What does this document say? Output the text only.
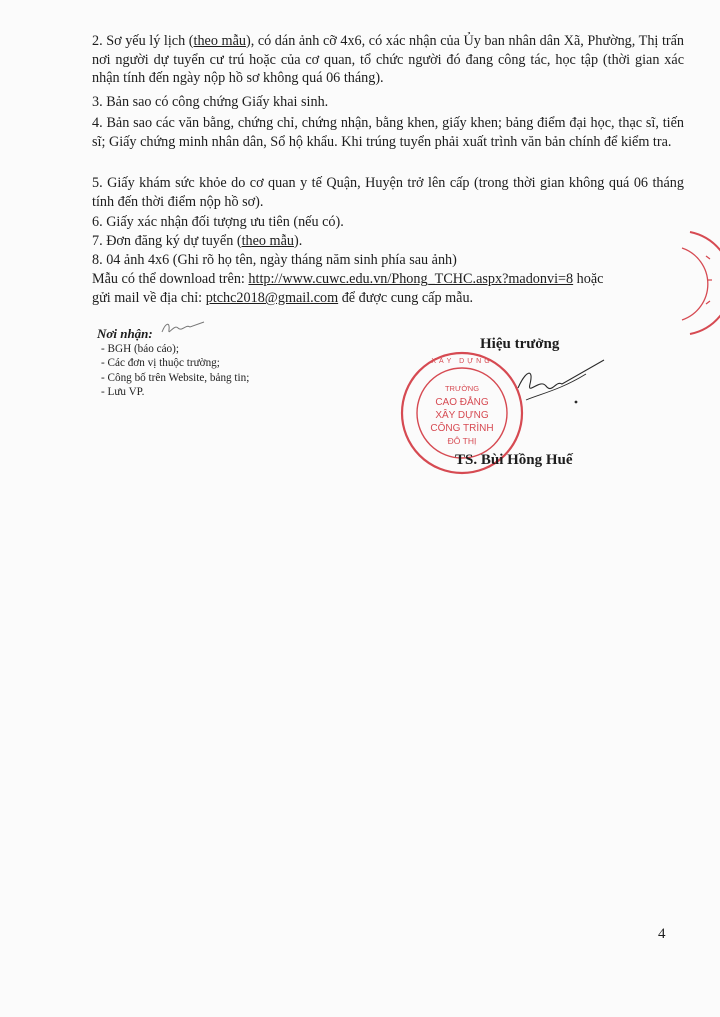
2. Sơ yếu lý lịch (theo mẫu), có dán ảnh cỡ 4x6, có xác nhận của Ủy ban nhân dân Xã, Phường, Thị trấn nơi người dự tuyển cư trú hoặc của cơ quan, tổ chức người đó đang công tác, học tập (thời gian xác nhận tính đến ngày nộp hồ sơ không quá 06 tháng).
3. Bản sao có công chứng Giấy khai sinh.
4. Bản sao các văn bằng, chứng chỉ, chứng nhận, bằng khen, giấy khen; bảng điểm đại học, thạc sĩ, tiến sĩ; Giấy chứng minh nhân dân, Sổ hộ khẩu. Khi trúng tuyển phải xuất trình văn bản chính để kiểm tra.
5. Giấy khám sức khỏe do cơ quan y tế Quận, Huyện trở lên cấp (trong thời gian không quá 06 tháng tính đến thời điểm nộp hồ sơ).
6. Giấy xác nhận đối tượng ưu tiên (nếu có).
7. Đơn đăng ký dự tuyển (theo mẫu).
8. 04 ảnh 4x6 (Ghi rõ họ tên, ngày tháng năm sinh phía sau ảnh)
Mẫu có thể download trên: http://www.cuwc.edu.vn/Phong_TCHC.aspx?madonvi=8 hoặc
gửi mail về địa chỉ: ptchc2018@gmail.com để được cung cấp mẫu.
Nơi nhận:
- BGH (báo cáo);
- Các đơn vị thuộc trường;
- Công bố trên Website, bảng tin;
- Lưu VP.
Hiệu trưởng
TRƯỜNG
CAO ĐẲNG
XÂY DỰNG
CÔNG TRÌNH
ĐÔ THỊ
XÂY DỰNG
TS. Bùi Hồng Huế
4
